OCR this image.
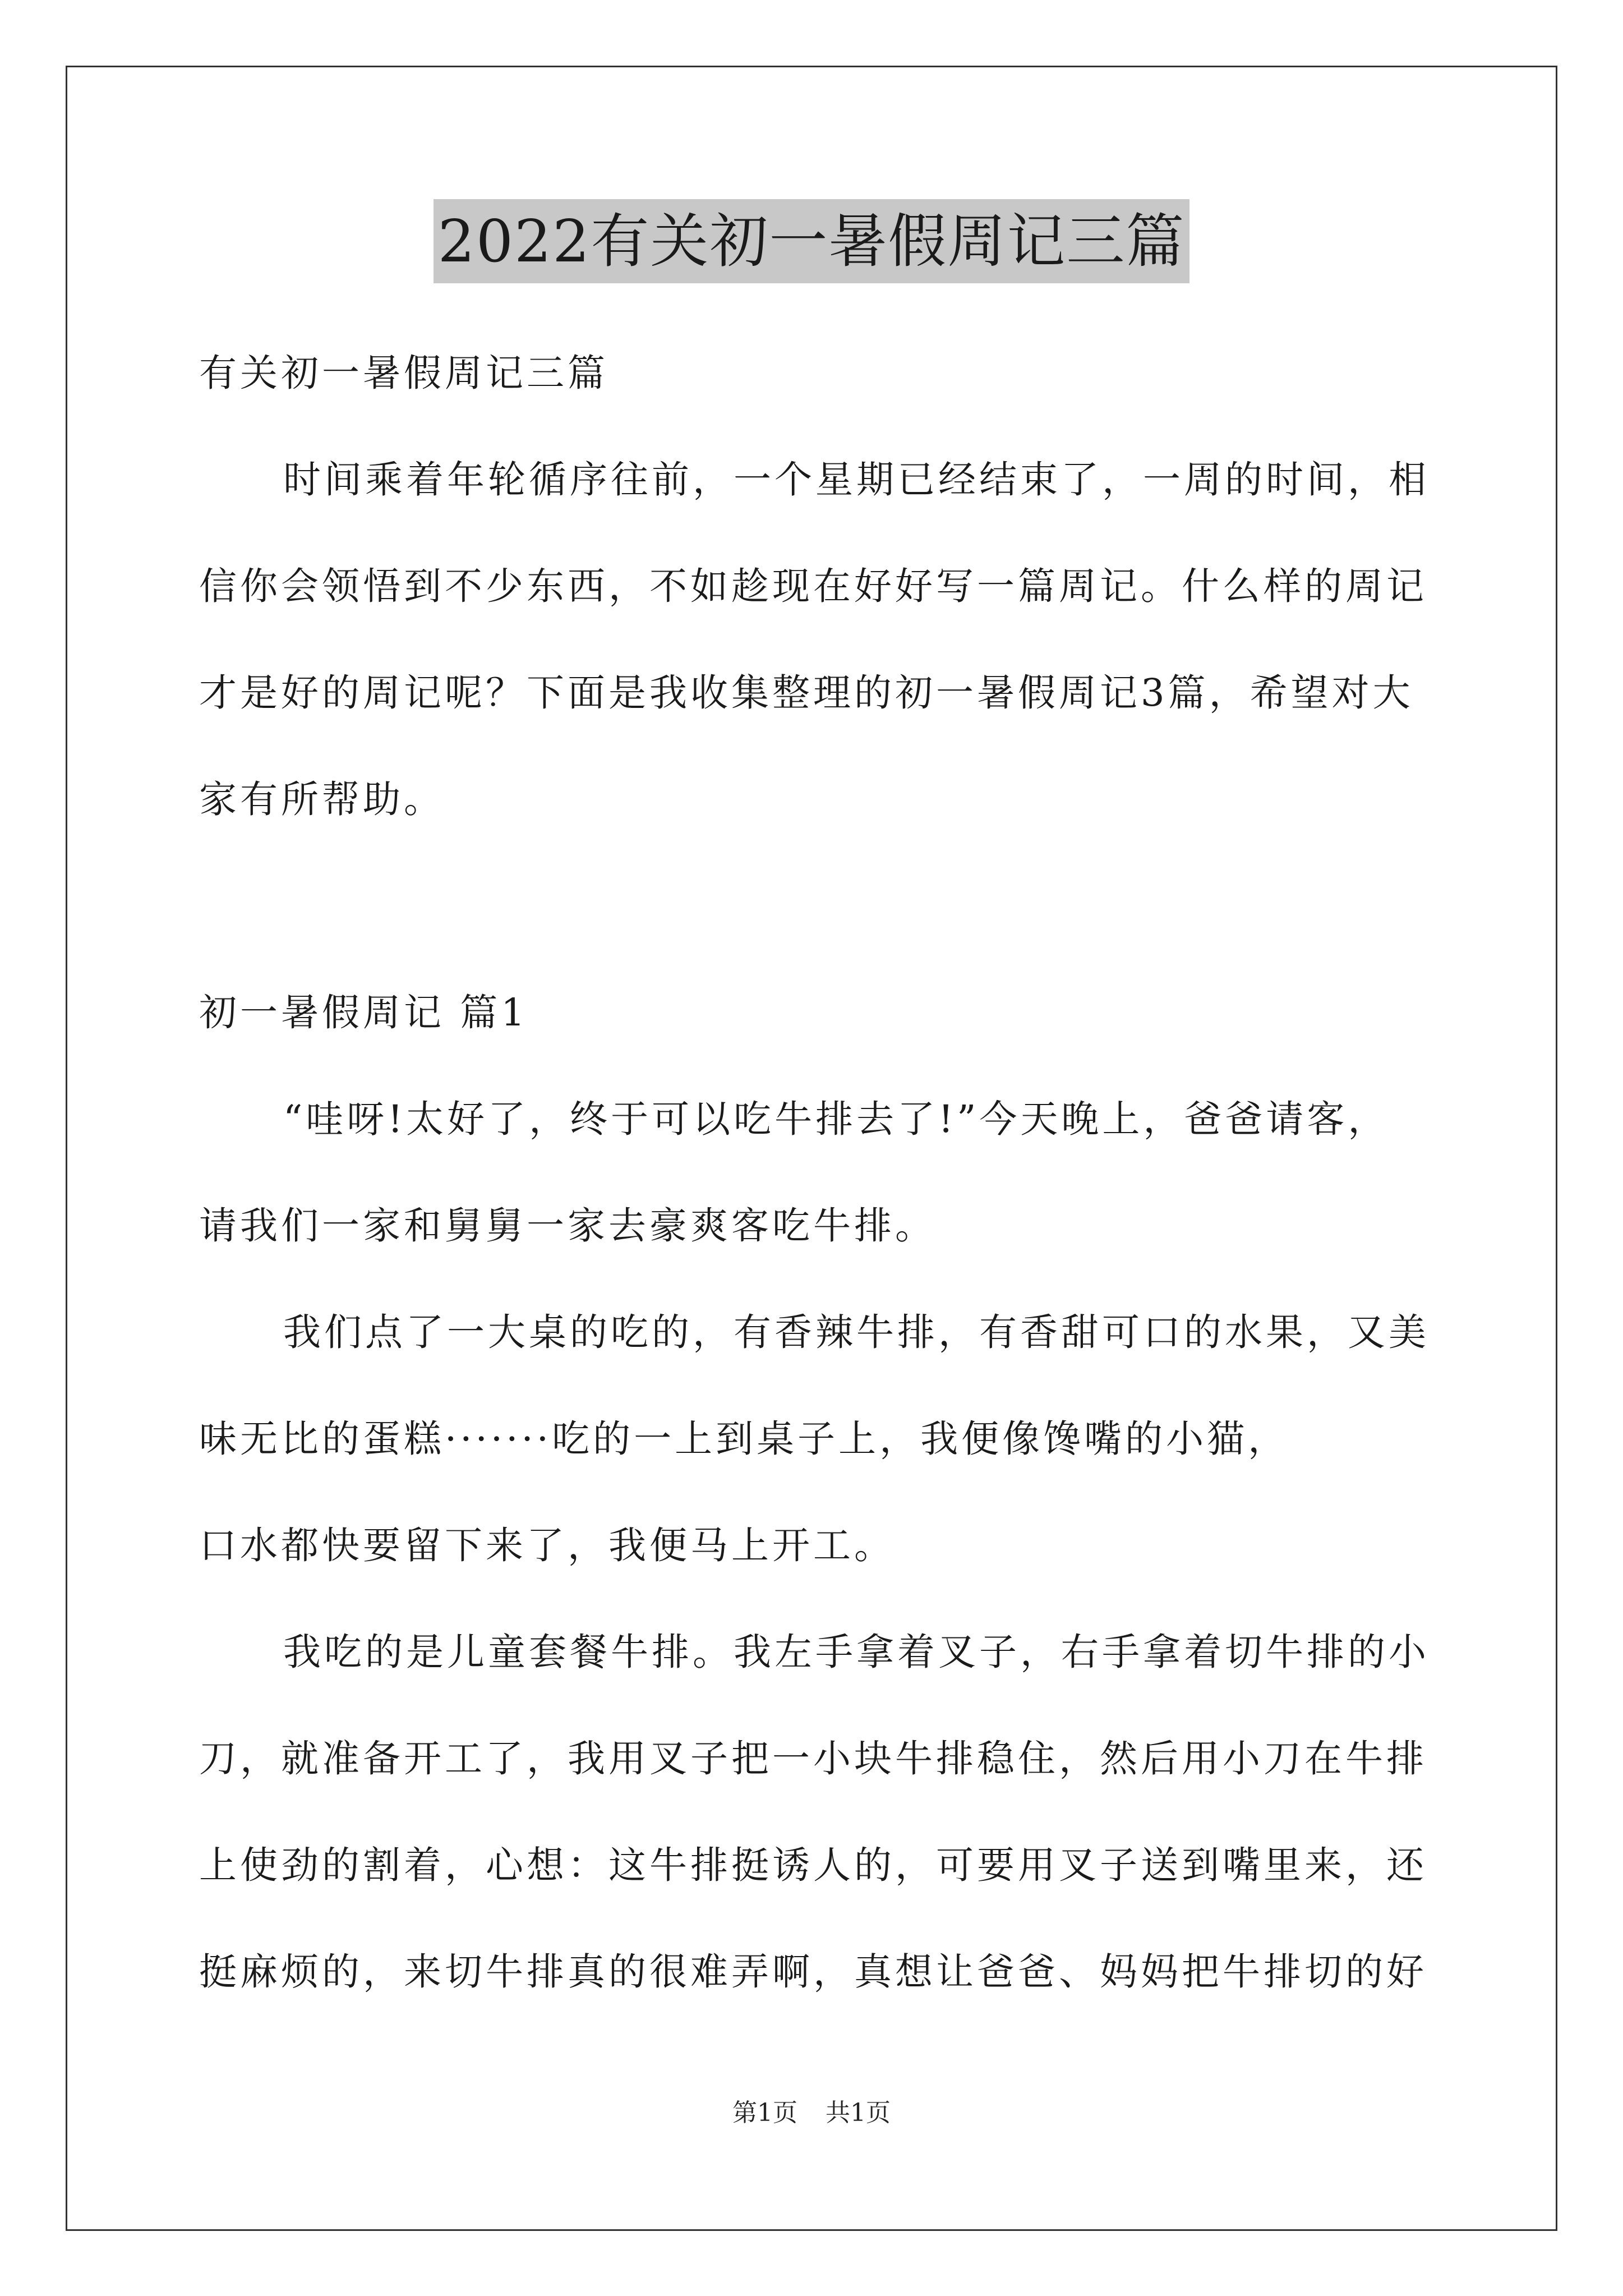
2022有关初一暑假周记三篇
有关初一暑假周记三篇
时间乘着年轮循序往前，一个星期已经结束了，一周的时间，相
信你会领悟到不少东西，不如趁现在好好写一篇周记。什么样的周记
才是好的周记呢？下面是我收集整理的初一暑假周记3篇，希望对大
家有所帮助。
初一暑假周记 篇1
“哇呀!太好了，终于可以吃牛排去了!”今天晚上，爸爸请客，
请我们一家和舅舅一家去豪爽客吃牛排。
我们点了一大桌的吃的，有香辣牛排，有香甜可口的水果，又美
味无比的蛋糕·······吃的一上到桌子上，我便像馋嘴的小猫，
口水都快要留下来了，我便马上开工。
我吃的是儿童套餐牛排。我左手拿着叉子，右手拿着切牛排的小
刀，就准备开工了，我用叉子把一小块牛排稳住，然后用小刀在牛排
上使劲的割着，心想：这牛排挺诱人的，可要用叉子送到嘴里来，还
挺麻烦的，来切牛排真的很难弄啊，真想让爸爸、妈妈把牛排切的好
第1页 共1页
